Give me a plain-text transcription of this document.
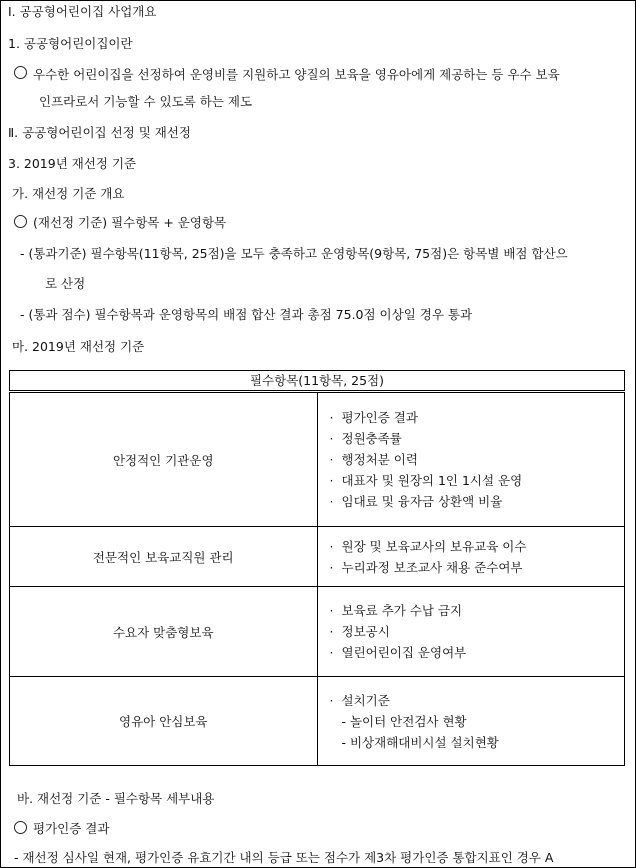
Ⅰ. 공공형어린이집 사업개요
1. 공공형어린이집이란
우수한 어린이집을 선정하여 운영비를 지원하고 양질의 보육을 영유아에게 제공하는 등 우수 보육
인프라로서 기능할 수 있도록 하는 제도
Ⅱ. 공공형어린이집 선정 및 재선정
3. 2019년 재선정 기준
가. 재선정 기준 개요
(재선정 기준) 필수항목 + 운영항목
- (통과기준) 필수항목(11항목, 25점)을 모두 충족하고 운영항목(9항목, 75점)은 항목별 배점 합산으
로 산정
- (통과 점수) 필수항목과 운영항목의 배점 합산 결과 총점 75.0점 이상일 경우 통과
마. 2019년 재선정 기준
필수항목(11항목, 25점)	
안정적인 기관운영	· 평가인증 결과
· 정원충족률
· 행정처분 이력
· 대표자 및 원장의 1인 1시설 운영
· 임대료 및 융자금 상환액 비율

전문적인 보육교직원 관리	· 원장 및 보육교사의 보유교육 이수
· 누리과정 보조교사 채용 준수여부

수요자 맞춤형보육	· 보육료 추가 수납 금지
· 정보공시
· 열린어린이집 운영여부

영유아 안심보육	· 설치기준
- 놀이터 안전검사 현황
- 비상재해대비시설 설치현황
바. 재선정 기준 - 필수항목 세부내용
평가인증 결과
- 재선정 심사일 현재, 평가인증 유효기간 내의 등급 또는 점수가 제3차 평가인증 통합지표인 경우 A
